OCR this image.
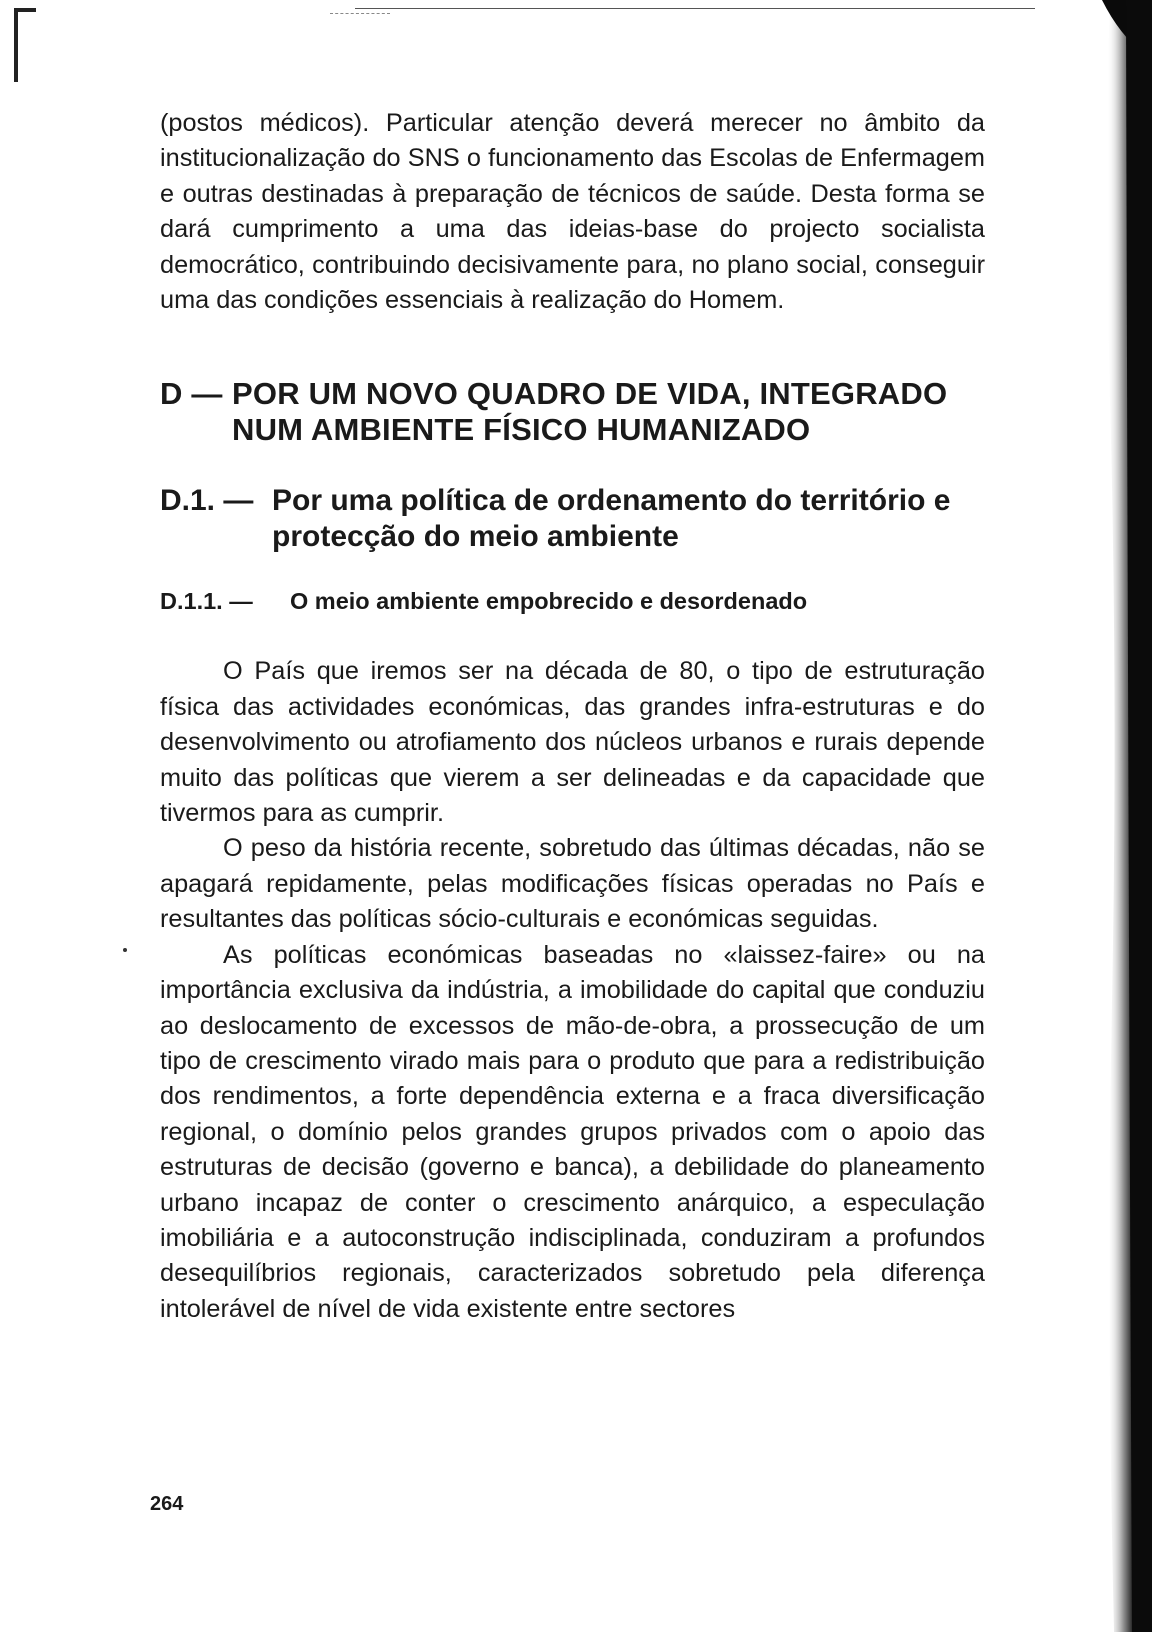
(postos médicos). Particular atenção deverá merecer no âmbito da institucionalização do SNS o funcionamento das Escolas de Enfermagem e outras destinadas à preparação de técnicos de saúde. Desta forma se dará cumprimento a uma das ideias-base do projecto socialista democrático, contribuindo decisivamente para, no plano social, conseguir uma das condições essenciais à realização do Homem.

D — POR UM NOVO QUADRO DE VIDA, INTEGRADO NUM AMBIENTE FÍSICO HUMANIZADO
D.1. — Por uma política de ordenamento do território e protecção do meio ambiente
D.1.1. —	O meio ambiente empobrecido e desordenado

O País que iremos ser na década de 80, o tipo de estruturação física das actividades económicas, das grandes infra-estruturas e do desenvolvimento ou atrofiamento dos núcleos urbanos e rurais depende muito das políticas que vierem a ser delineadas e da capacidade que tivermos para as cumprir.

O peso da história recente, sobretudo das últimas décadas, não se apagará repidamente, pelas modificações físicas operadas no País e resultantes das políticas sócio-culturais e económicas seguidas.

As políticas económicas baseadas no «laissez-faire» ou na importância exclusiva da indústria, a imobilidade do capital que conduziu ao deslocamento de excessos de mão-de-obra, a prossecução de um tipo de crescimento virado mais para o produto que para a redistribuição dos rendimentos, a forte dependência externa e a fraca diversificação regional, o domínio pelos grandes grupos privados com o apoio das estruturas de decisão (governo e banca), a debilidade do planeamento urbano incapaz de conter o crescimento anárquico, a especulação imobiliária e a autoconstrução indisciplinada, conduziram a profundos desequilíbrios regionais, caracterizados sobretudo pela diferença intolerável de nível de vida existente entre sectores

264
